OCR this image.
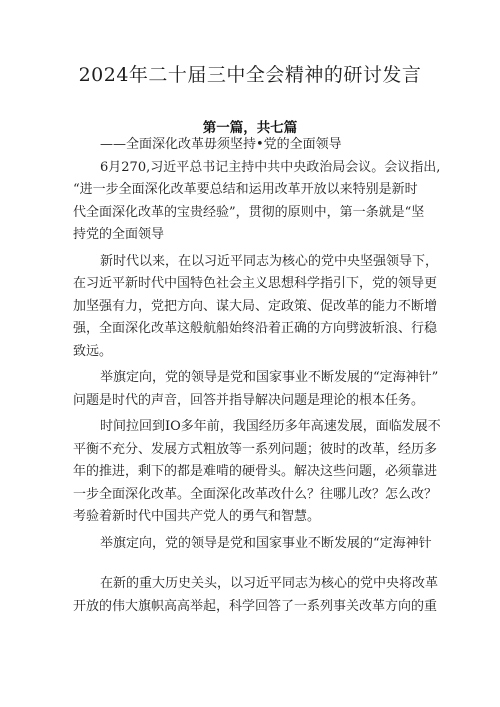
2024年二十届三中全会精神的研讨发言
第一篇，共七篇
——全面深化改革毋须坚持•党的全面领导
6月270,习近平总书记主持中共中央政治局会议。会议指出,
“进一步全面深化改革要总结和运用改革开放以来特别是新时
代全面深化改革的宝贵经验”，贯彻的原则中，第一条就是“坚
持党的全面领导
新时代以来，在以习近平同志为核心的党中央坚强领导下，
在习近平新时代中国特色社会主义思想科学指引下，党的领导更
加坚强有力，党把方向、谋大局、定政策、促改革的能力不断增
强，全面深化改革这般航船始终沿着正确的方向劈波斩浪、行稳
致远。
举旗定向，党的领导是党和国家事业不断发展的“定海神针”
问题是时代的声音，回答并指导解决问题是理论的根本任务。
时间拉回到IO多年前，我国经历多年高速发展，面临发展不
平衡不充分、发展方式粗放等一系列问题；彼时的改革，经历多
年的推进，剩下的都是难啃的硬骨头。解决这些问题，必须靠进
一步全面深化改革。全面深化改革改什么？往哪儿改？怎么改？
考验着新时代中国共产党人的勇气和智慧。
举旗定向，党的领导是党和国家事业不断发展的“定海神针
在新的重大历史关头，以习近平同志为核心的党中央将改革
开放的伟大旗帜高高举起，科学回答了一系列事关改革方向的重
